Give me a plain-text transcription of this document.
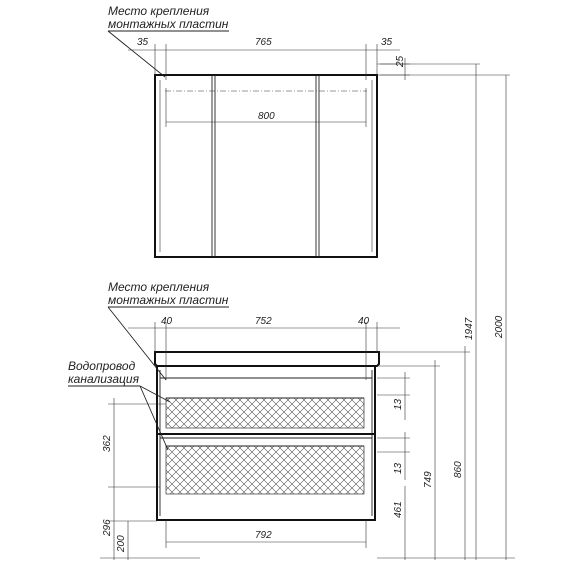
Место крепления
монтажных пластин
35	765	35
25
800
Место крепления
монтажных пластин
Водопровод
канализация
40	752	40
792
362
296
200
13
13
461
749
860
1947 2000
